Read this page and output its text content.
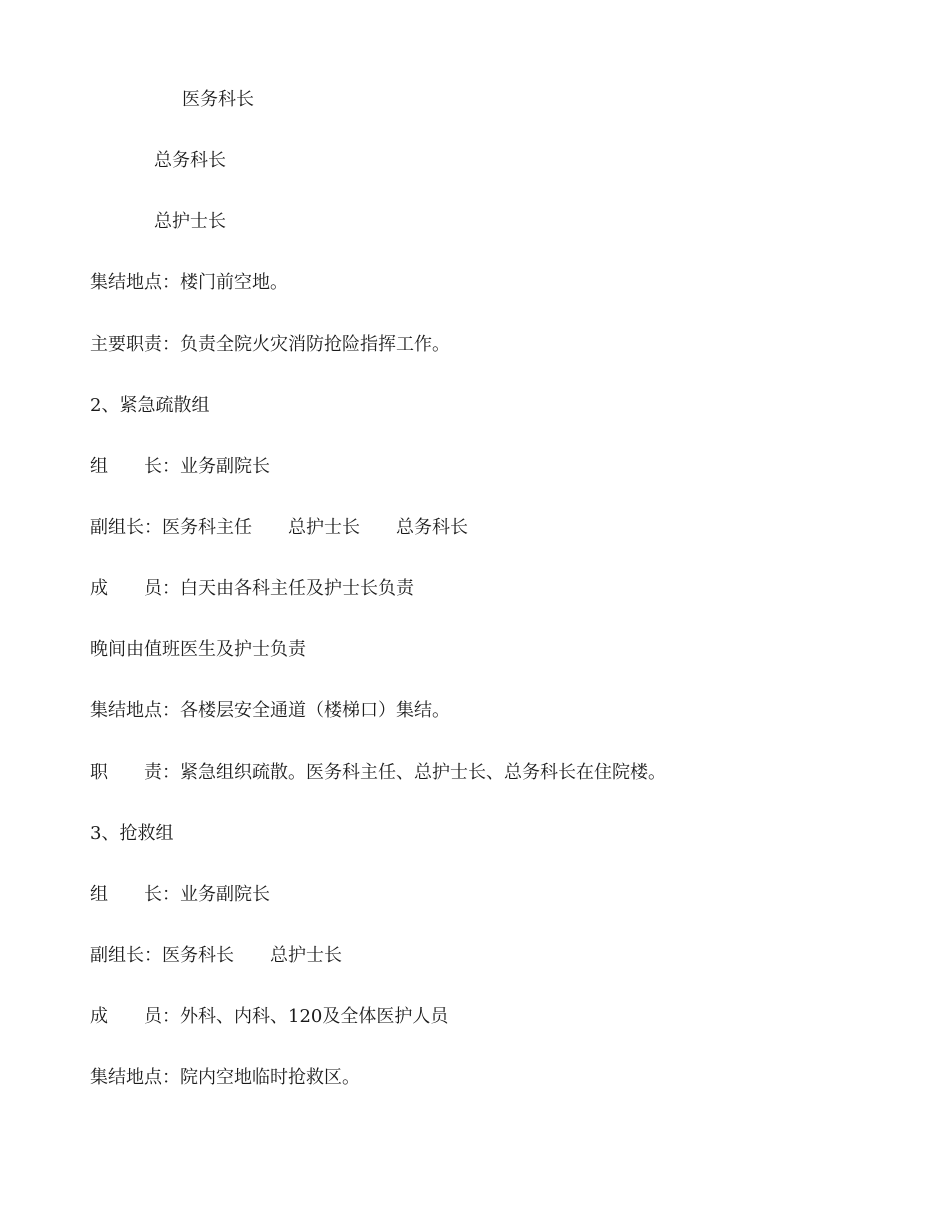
医务科长
总务科长
总护士长
集结地点：楼门前空地。
主要职责：负责全院火灾消防抢险指挥工作。
2、紧急疏散组
组　　长：业务副院长
副组长：医务科主任　　总护士长　　总务科长
成　　员：白天由各科主任及护士长负责
晚间由值班医生及护士负责
集结地点：各楼层安全通道（楼梯口）集结。
职　　责：紧急组织疏散。医务科主任、总护士长、总务科长在住院楼。
3、抢救组
组　　长：业务副院长
副组长：医务科长　　总护士长
成　　员：外科、内科、120及全体医护人员
集结地点：院内空地临时抢救区。
